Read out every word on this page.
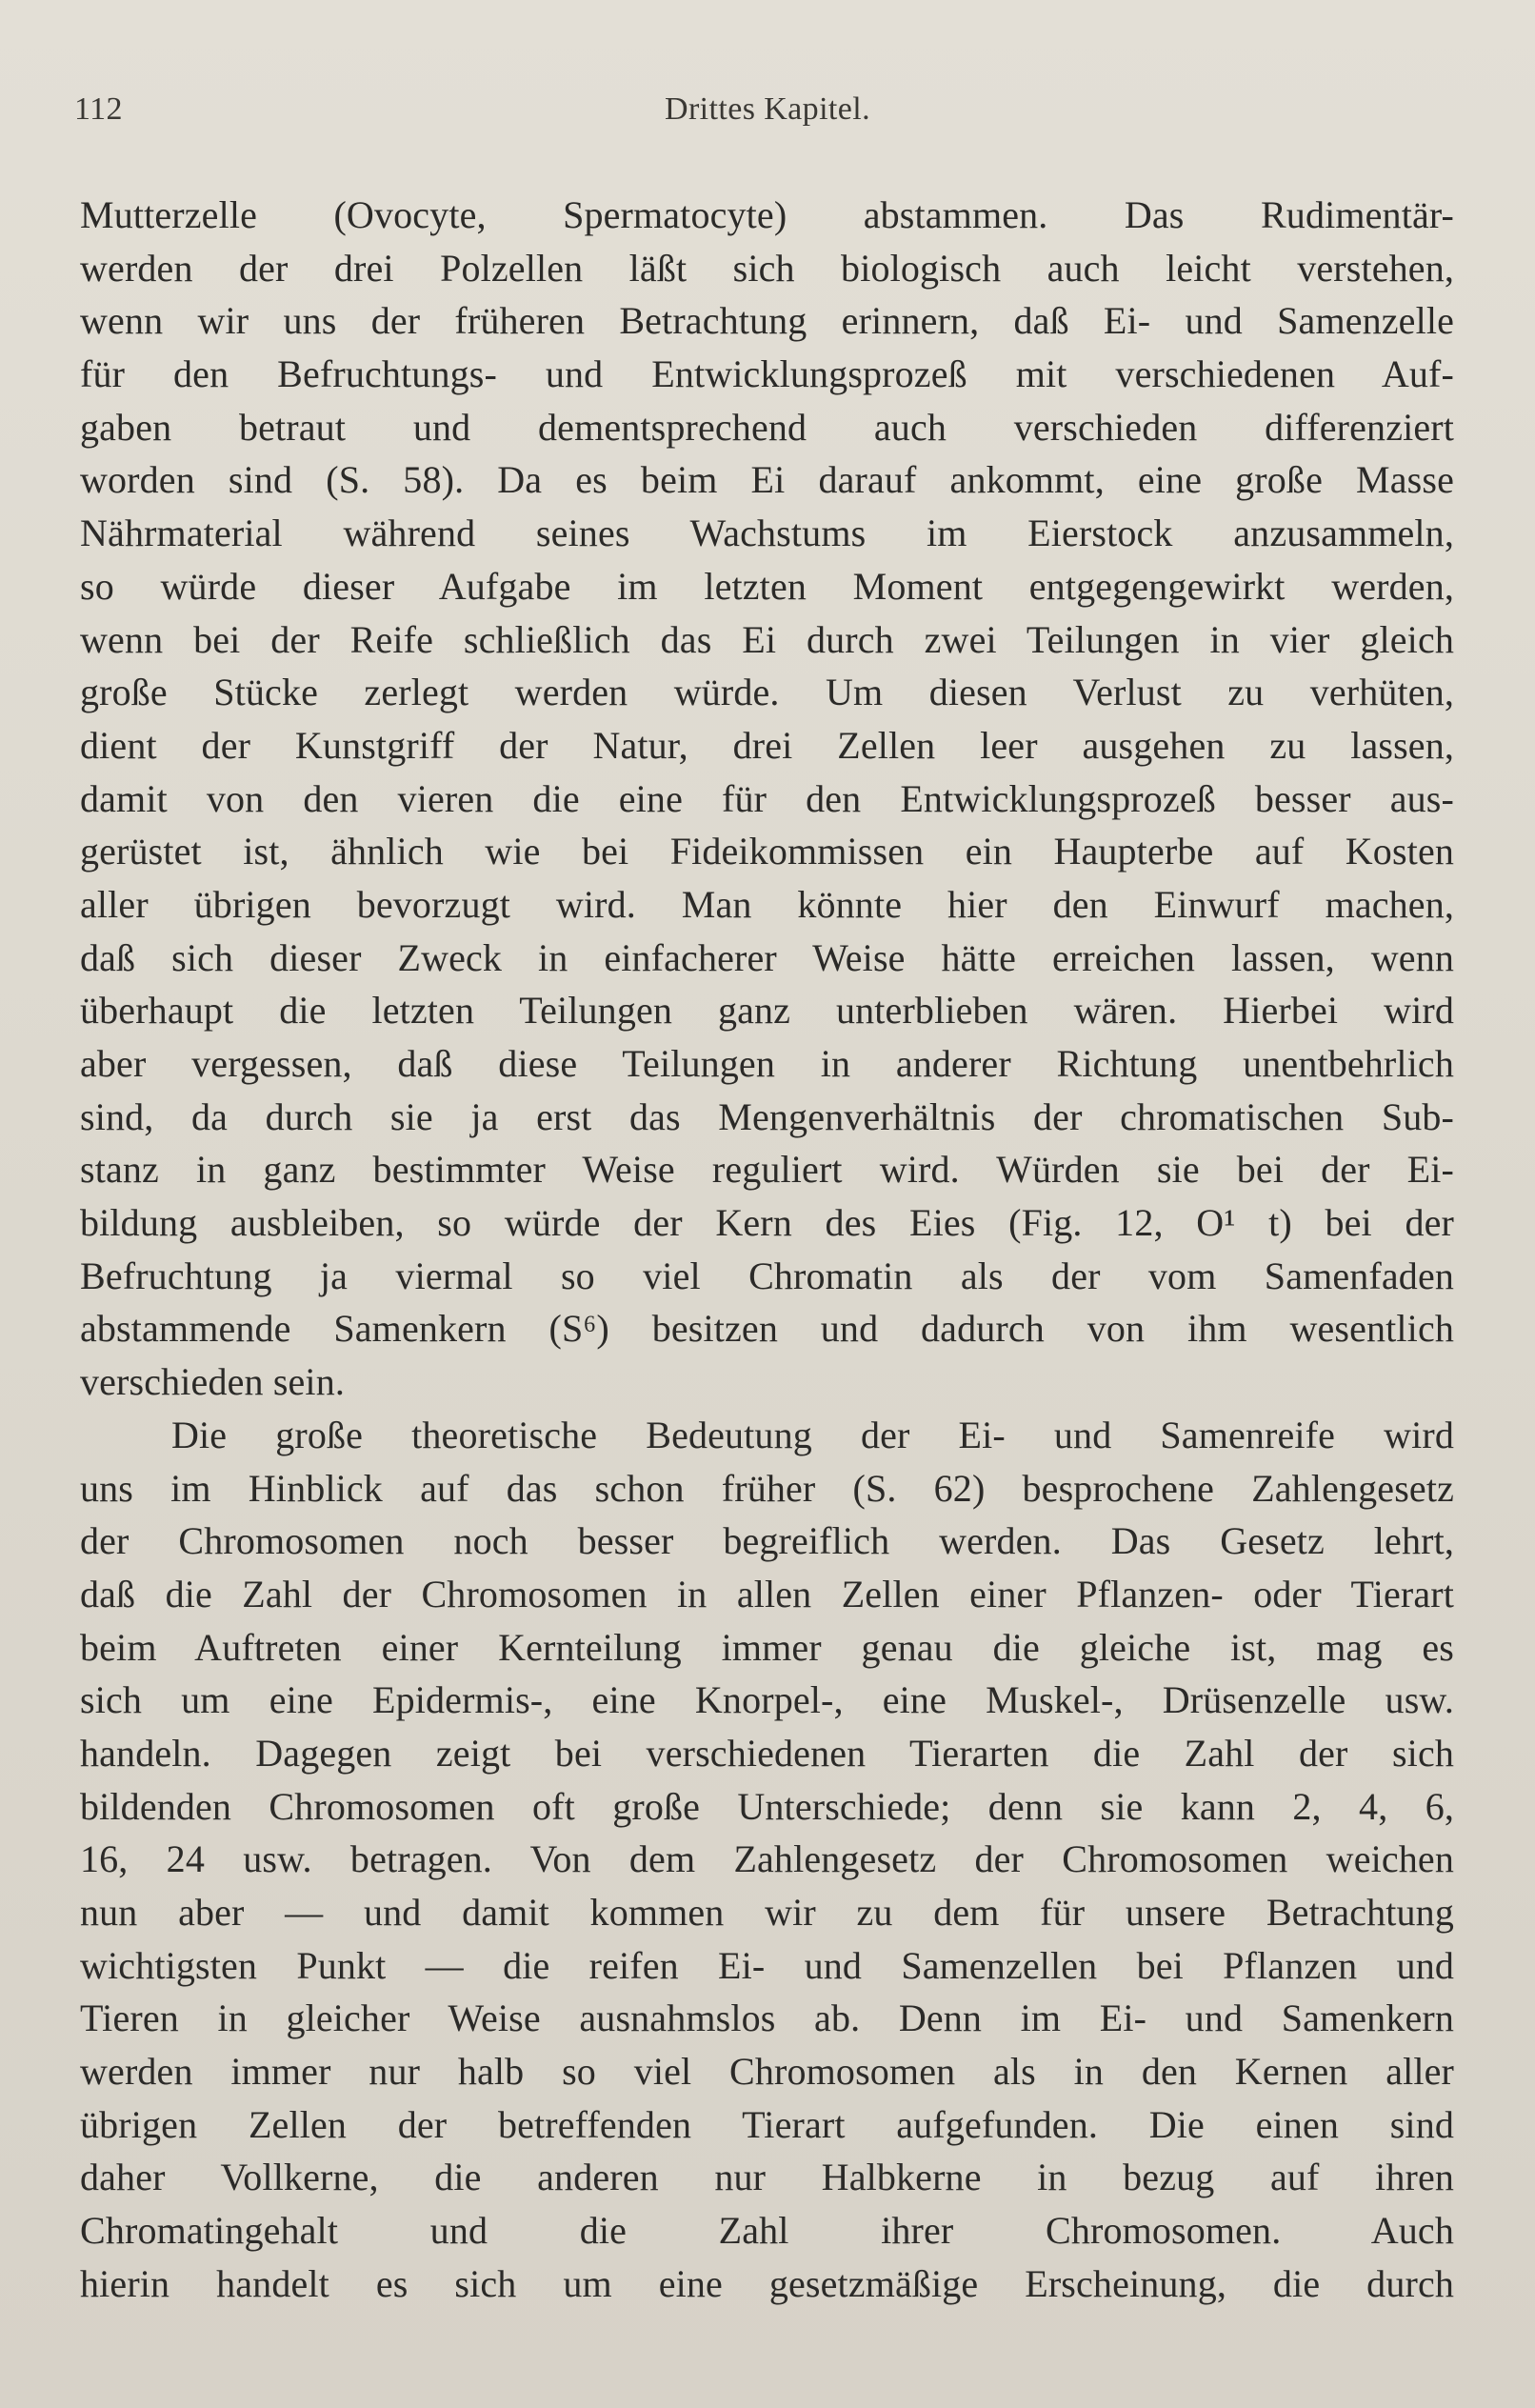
112	Drittes Kapitel.
Mutterzelle (Ovocyte, Spermatocyte) abstammen. Das Rudimentär-
werden der drei Polzellen läßt sich biologisch auch leicht verstehen,
wenn wir uns der früheren Betrachtung erinnern, daß Ei- und Samenzelle
für den Befruchtungs- und Entwicklungsprozeß mit verschiedenen Auf-
gaben betraut und dementsprechend auch verschieden differenziert
worden sind (S. 58). Da es beim Ei darauf ankommt, eine große Masse
Nährmaterial während seines Wachstums im Eierstock anzusammeln,
so würde dieser Aufgabe im letzten Moment entgegengewirkt werden,
wenn bei der Reife schließlich das Ei durch zwei Teilungen in vier gleich
große Stücke zerlegt werden würde. Um diesen Verlust zu verhüten,
dient der Kunstgriff der Natur, drei Zellen leer ausgehen zu lassen,
damit von den vieren die eine für den Entwicklungsprozeß besser aus-
gerüstet ist, ähnlich wie bei Fideikommissen ein Haupterbe auf Kosten
aller übrigen bevorzugt wird. Man könnte hier den Einwurf machen,
daß sich dieser Zweck in einfacherer Weise hätte erreichen lassen, wenn
überhaupt die letzten Teilungen ganz unterblieben wären. Hierbei wird
aber vergessen, daß diese Teilungen in anderer Richtung unentbehrlich
sind, da durch sie ja erst das Mengenverhältnis der chromatischen Sub-
stanz in ganz bestimmter Weise reguliert wird. Würden sie bei der Ei-
bildung ausbleiben, so würde der Kern des Eies (Fig. 12, O¹ t) bei der
Befruchtung ja viermal so viel Chromatin als der vom Samenfaden
abstammende Samenkern (S⁶) besitzen und dadurch von ihm wesentlich
verschieden sein.
Die große theoretische Bedeutung der Ei- und Samenreife wird
uns im Hinblick auf das schon früher (S. 62) besprochene Zahlengesetz
der Chromosomen noch besser begreiflich werden. Das Gesetz lehrt,
daß die Zahl der Chromosomen in allen Zellen einer Pflanzen- oder Tierart
beim Auftreten einer Kernteilung immer genau die gleiche ist, mag es
sich um eine Epidermis-, eine Knorpel-, eine Muskel-, Drüsenzelle usw.
handeln. Dagegen zeigt bei verschiedenen Tierarten die Zahl der sich
bildenden Chromosomen oft große Unterschiede; denn sie kann 2, 4, 6,
16, 24 usw. betragen. Von dem Zahlengesetz der Chromosomen weichen
nun aber — und damit kommen wir zu dem für unsere Betrachtung
wichtigsten Punkt — die reifen Ei- und Samenzellen bei Pflanzen und
Tieren in gleicher Weise ausnahmslos ab. Denn im Ei- und Samenkern
werden immer nur halb so viel Chromosomen als in den Kernen aller
übrigen Zellen der betreffenden Tierart aufgefunden. Die einen sind
daher Vollkerne, die anderen nur Halbkerne in bezug auf ihren
Chromatingehalt und die Zahl ihrer Chromosomen. Auch
hierin handelt es sich um eine gesetzmäßige Erscheinung, die durch
